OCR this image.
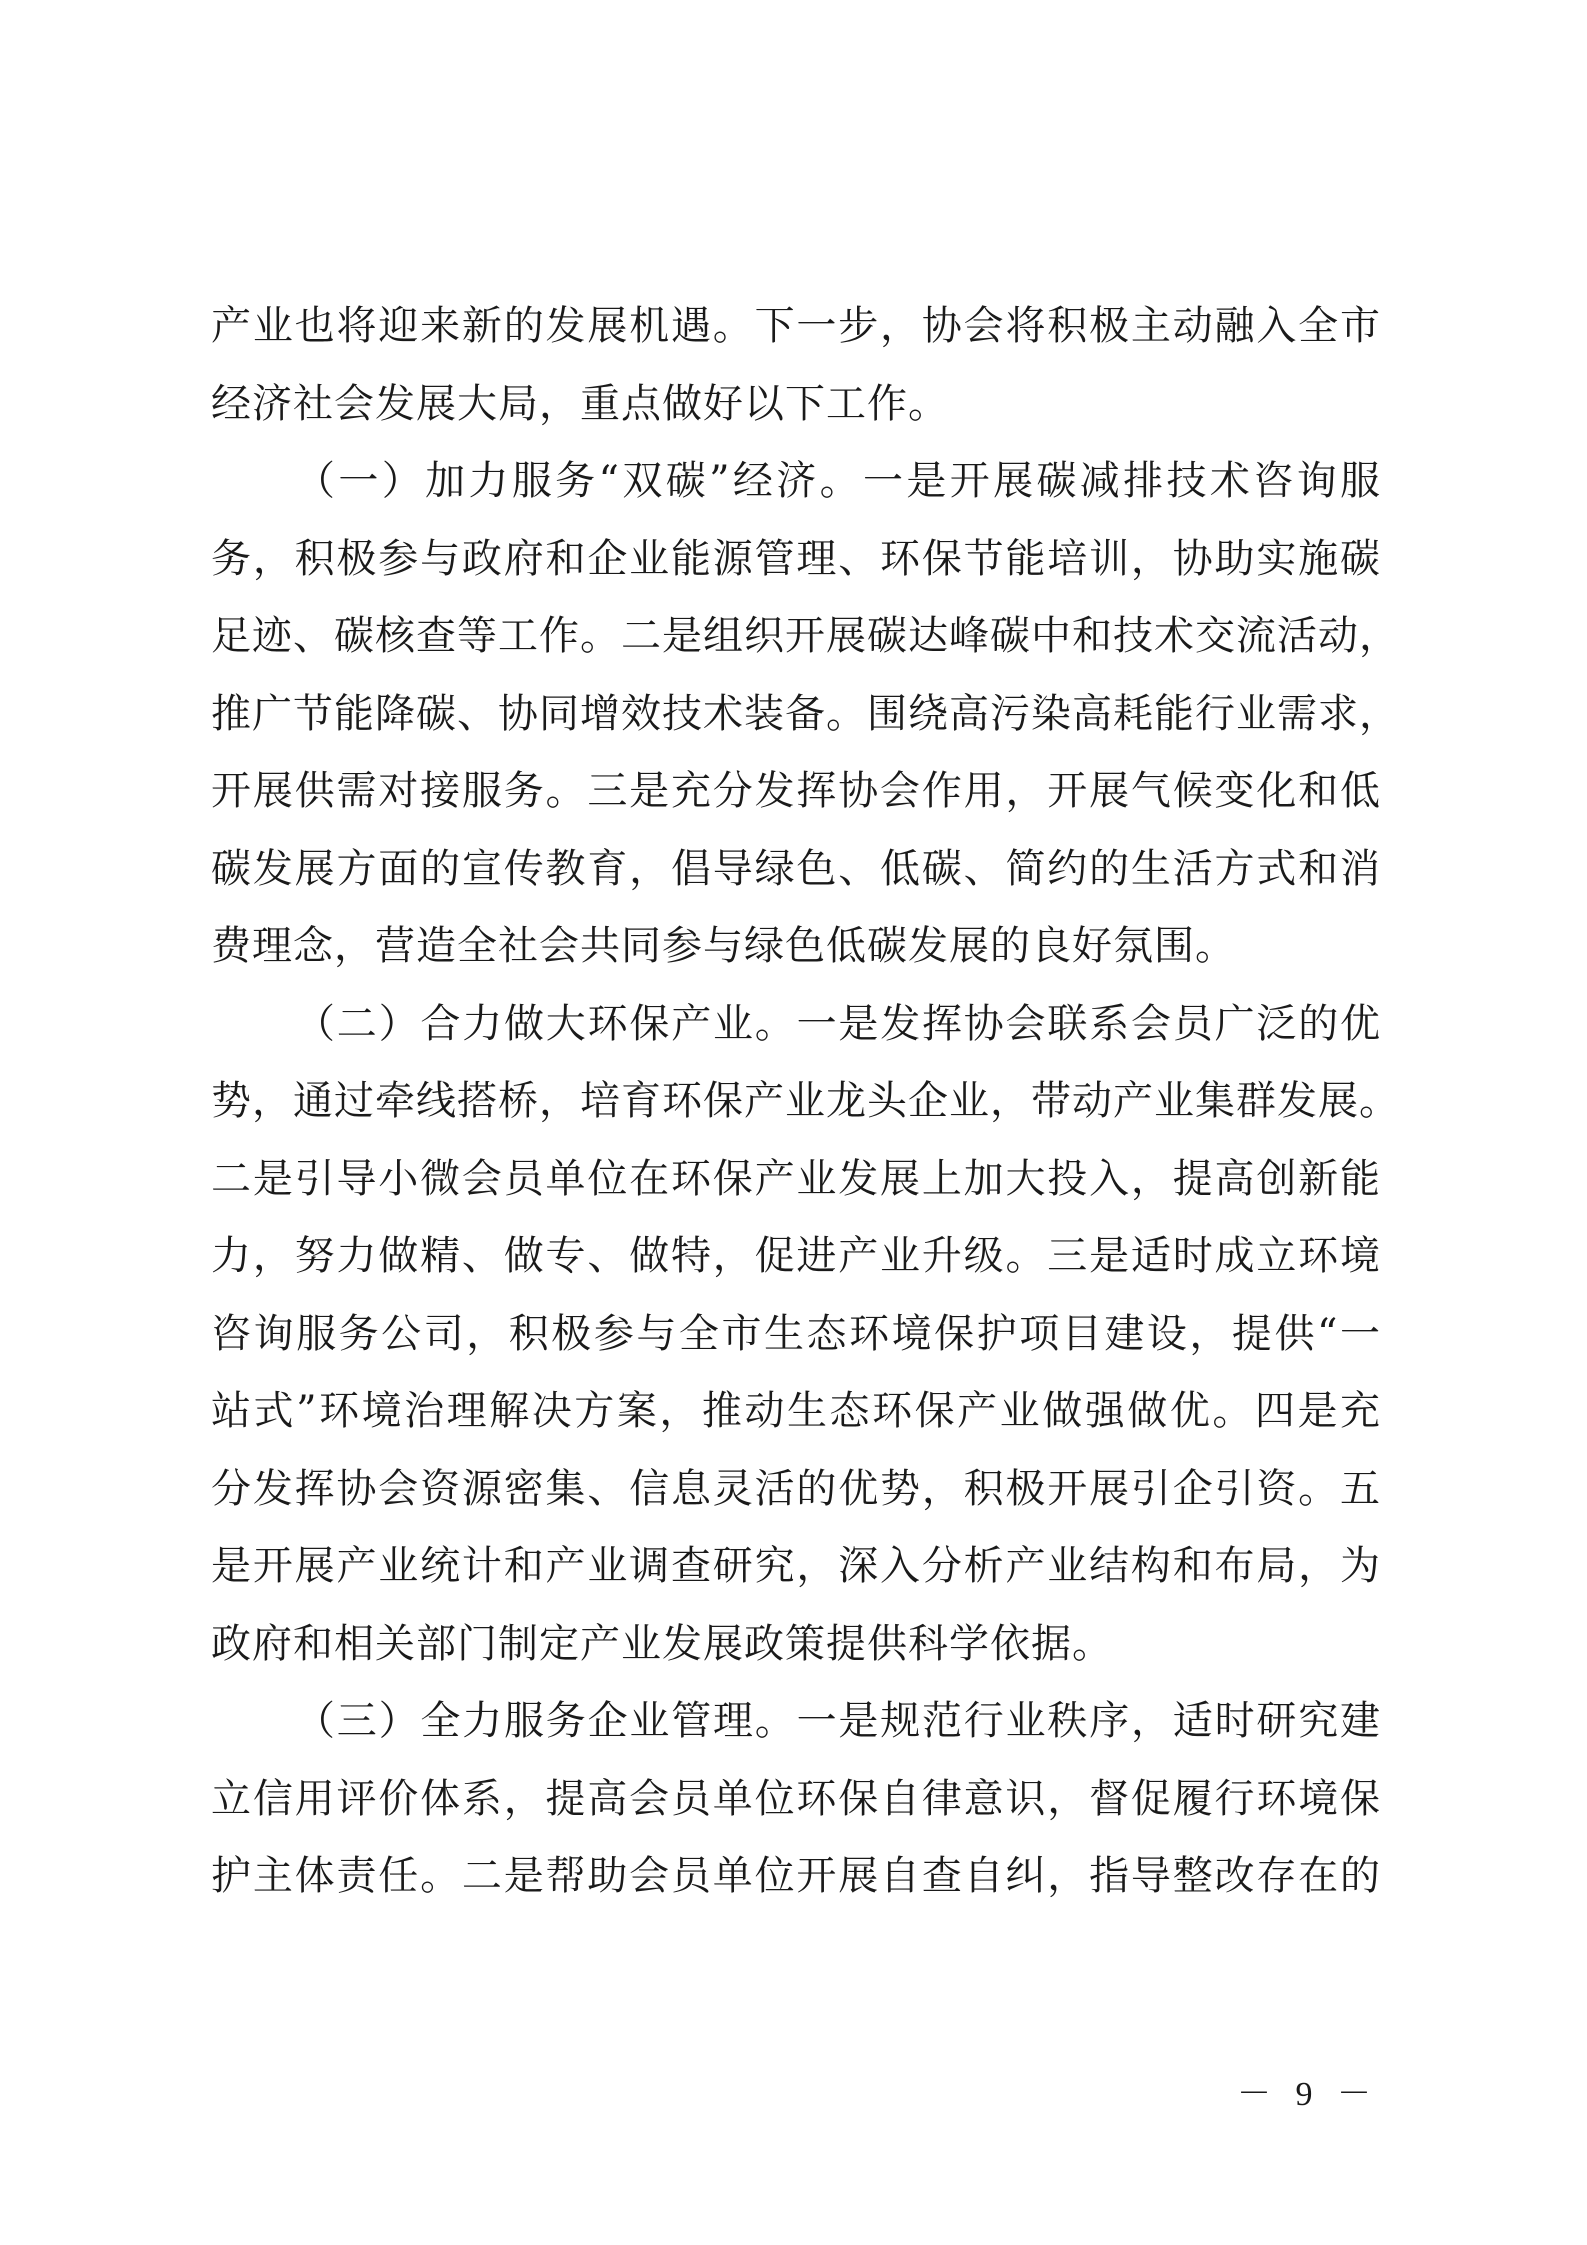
产业也将迎来新的发展机遇。下一步，协会将积极主动融入全市
经济社会发展大局，重点做好以下工作。
（一）加力服务“双碳”经济。一是开展碳减排技术咨询服
务，积极参与政府和企业能源管理、环保节能培训，协助实施碳
足迹、碳核查等工作。二是组织开展碳达峰碳中和技术交流活动，
推广节能降碳、协同增效技术装备。围绕高污染高耗能行业需求，
开展供需对接服务。三是充分发挥协会作用，开展气候变化和低
碳发展方面的宣传教育，倡导绿色、低碳、简约的生活方式和消
费理念，营造全社会共同参与绿色低碳发展的良好氛围。
（二）合力做大环保产业。一是发挥协会联系会员广泛的优
势，通过牵线搭桥，培育环保产业龙头企业，带动产业集群发展。
二是引导小微会员单位在环保产业发展上加大投入，提高创新能
力，努力做精、做专、做特，促进产业升级。三是适时成立环境
咨询服务公司，积极参与全市生态环境保护项目建设，提供“一
站式”环境治理解决方案，推动生态环保产业做强做优。四是充
分发挥协会资源密集、信息灵活的优势，积极开展引企引资。五
是开展产业统计和产业调查研究，深入分析产业结构和布局，为
政府和相关部门制定产业发展政策提供科学依据。
（三）全力服务企业管理。一是规范行业秩序，适时研究建
立信用评价体系，提高会员单位环保自律意识，督促履行环境保
护主体责任。二是帮助会员单位开展自查自纠，指导整改存在的
－ 9 －
